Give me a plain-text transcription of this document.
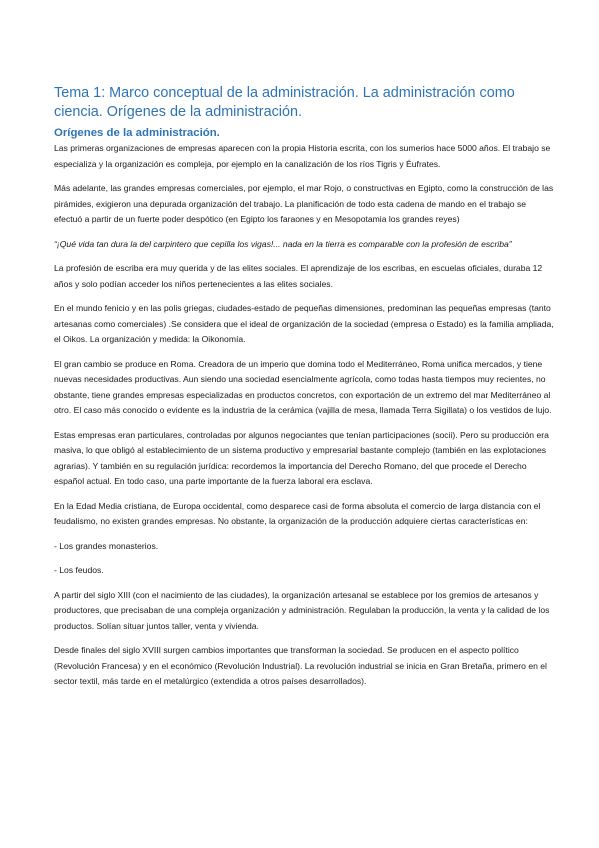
Tema 1: Marco conceptual de la administración. La administración como ciencia. Orígenes de la administración.
Orígenes de la administración.

Las primeras organizaciones de empresas aparecen con la propia Historia escrita, con los sumerios hace 5000 años. El trabajo se especializa y la organización es compleja, por ejemplo en la canalización de los ríos Tigris y Éufrates.

Más adelante, las grandes empresas comerciales, por ejemplo, el mar Rojo, o constructivas en Egipto, como la construcción de las pirámides, exigieron una depurada organización del trabajo. La planificación de todo esta cadena de mando en el trabajo se efectuó a partir de un fuerte poder despótico (en Egipto los faraones y en Mesopotamia los grandes reyes)

“¡Qué vida tan dura la del carpintero que cepilla los vigas!... nada en la tierra es comparable con la profesión de escriba”

La profesión de escriba era muy querida y de las elites sociales. El aprendizaje de los escribas, en escuelas oficiales, duraba 12 años y solo podían acceder los niños pertenecientes a las elites sociales.

En el mundo fenicio y en las polis griegas, ciudades-estado de pequeñas dimensiones, predominan las pequeñas empresas (tanto artesanas como comerciales) .Se considera que el ideal de organización de la sociedad (empresa o Estado) es la familia ampliada, el Oikos. La organización y medida: la Oikonomía.

El gran cambio se produce en Roma. Creadora de un imperio que domina todo el Mediterráneo, Roma unifica mercados, y tiene nuevas necesidades productivas. Aun siendo una sociedad esencialmente agrícola, como todas hasta tiempos muy recientes, no obstante, tiene grandes empresas especializadas en productos concretos, con exportación de un extremo del mar Mediterráneo al otro. El caso más conocido o evidente es la industria de la cerámica (vajilla de mesa, llamada Terra Sigillata) o los vestidos de lujo.

Estas empresas eran particulares, controladas por algunos negociantes que tenían participaciones (socii). Pero su producción era masiva, lo que obligó al establecimiento de un sistema productivo y empresarial bastante complejo (también en las explotaciones agrarias). Y también en su regulación jurídica: recordemos la importancia del Derecho Romano, del que procede el Derecho español actual. En todo caso, una parte importante de la fuerza laboral era esclava.

En la Edad Media cristiana, de Europa occidental, como desparece casi de forma absoluta el comercio de larga distancia con el feudalismo, no existen grandes empresas. No obstante, la organización de la producción adquiere ciertas características en:

- Los grandes monasterios.

- Los feudos.

A partir del siglo XIII (con el nacimiento de las ciudades), la organización artesanal se establece por los gremios de artesanos y productores, que precisaban de una compleja organización y administración. Regulaban la producción, la venta y la calidad de los productos. Solían situar juntos taller, venta y vivienda.

Desde finales del siglo XVIII surgen cambios importantes que transforman la sociedad. Se producen en el aspecto político (Revolución Francesa) y en el económico (Revolución Industrial). La revolución industrial se inicia en Gran Bretaña, primero en el sector textil, más tarde en el metalúrgico (extendida a otros países desarrollados).
